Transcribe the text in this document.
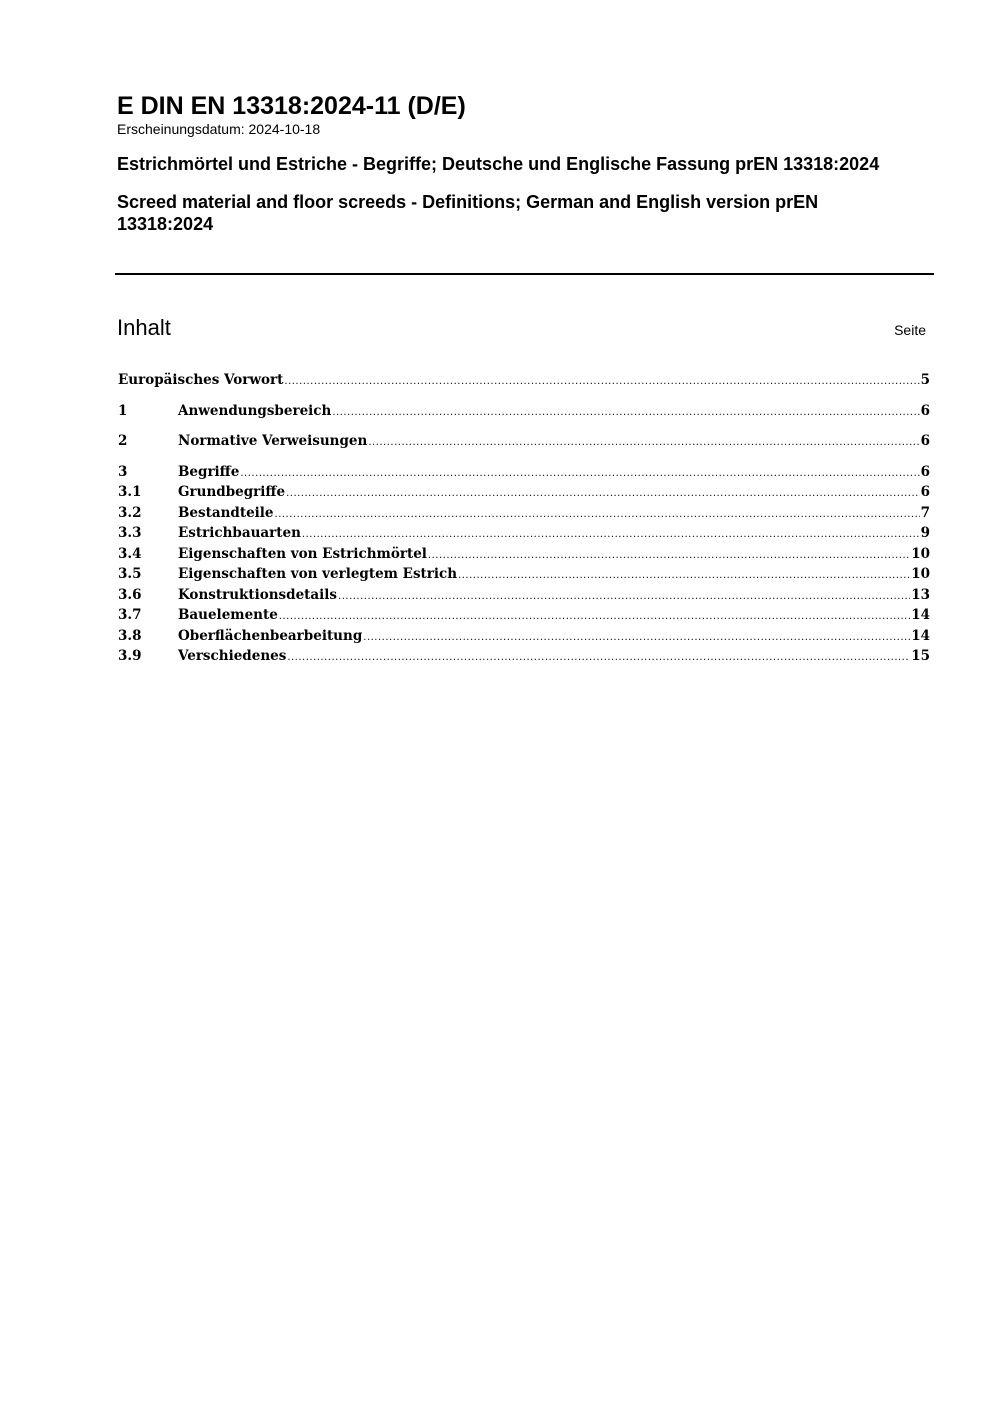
E DIN EN 13318:2024-11 (D/E)

Erscheinungsdatum: 2024-10-18

Estrichmörtel und Estriche - Begriffe; Deutsche und Englische Fassung prEN 13318:2024

Screed material and floor screeds - Definitions; German and English version prEN 13318:2024

Inhalt	Seite
Europäisches Vorwort .....	5
1	Anwendungsbereich .....	6
2	Normative Verweisungen .....	6
3	Begriffe .....	6
3.1	Grundbegriffe .....	6
3.2	Bestandteile .....	7
3.3	Estrichbauarten .....	9
3.4	Eigenschaften von Estrichmörtel .....	10
3.5	Eigenschaften von verlegtem Estrich .....	10
3.6	Konstruktionsdetails .....	13
3.7	Bauelemente .....	14
3.8	Oberflächenbearbeitung .....	14
3.9	Verschiedenes .....	15
